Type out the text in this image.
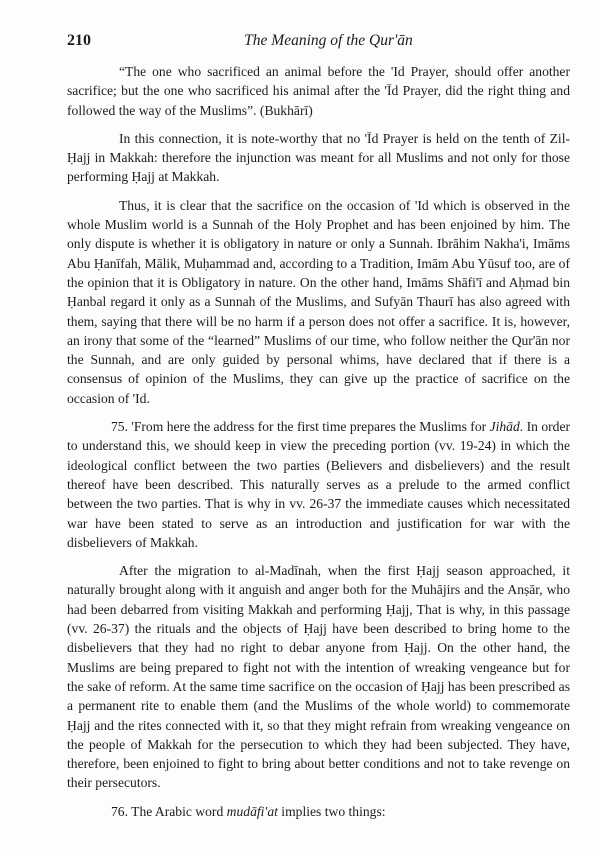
210	The Meaning of the Qur'ān

“The one who sacrificed an animal before the 'Id Prayer, should offer another sacrifice; but the one who sacrificed his animal after the 'Īd Prayer, did the right thing and followed the way of the Muslims”. (Bukhārī)

In this connection, it is note-worthy that no 'Īd Prayer is held on the tenth of Zil-Ḥajj in Makkah: therefore the injunction was meant for all Muslims and not only for those performing Ḥajj at Makkah.

Thus, it is clear that the sacrifice on the occasion of 'Id which is observed in the whole Muslim world is a Sunnah of the Holy Prophet and has been enjoined by him. The only dispute is whether it is obligatory in nature or only a Sunnah. Ibrāhim Nakha'i, Imāms Abu Ḥanīfah, Mālik, Muḥammad and, according to a Tradition, Imām Abu Yūsuf too, are of the opinion that it is Obligatory in nature. On the other hand, Imāms Shāfi'ī and Aḥmad bin Ḥanbal regard it only as a Sunnah of the Muslims, and Sufyān Thaurī has also agreed with them, saying that there will be no harm if a person does not offer a sacrifice. It is, however, an irony that some of the “learned” Muslims of our time, who follow neither the Qur'ān nor the Sunnah, and are only guided by personal whims, have declared that if there is a consensus of opinion of the Muslims, they can give up the practice of sacrifice on the occasion of 'Id.

75. 'From here the address for the first time prepares the Muslims for Jihād. In order to understand this, we should keep in view the preceding portion (vv. 19-24) in which the ideological conflict between the two parties (Believers and disbelievers) and the result thereof have been described. This naturally serves as a prelude to the armed conflict between the two parties. That is why in vv. 26-37 the immediate causes which necessitated war have been stated to serve as an introduction and justification for war with the disbelievers of Makkah.

After the migration to al-Madīnah, when the first Ḥajj season approached, it naturally brought along with it anguish and anger both for the Muhājirs and the Anṣār, who had been debarred from visiting Makkah and performing Ḥajj, That is why, in this passage (vv. 26-37) the rituals and the objects of Ḥajj have been described to bring home to the disbelievers that they had no right to debar anyone from Ḥajj. On the other hand, the Muslims are being prepared to fight not with the intention of wreaking vengeance but for the sake of reform. At the same time sacrifice on the occasion of Ḥajj has been prescribed as a permanent rite to enable them (and the Muslims of the whole world) to commemorate Ḥajj and the rites connected with it, so that they might refrain from wreaking vengeance on the people of Makkah for the persecution to which they had been subjected. They have, therefore, been enjoined to fight to bring about better conditions and not to take revenge on their persecutors.

76. The Arabic word mudāfi'at implies two things:
